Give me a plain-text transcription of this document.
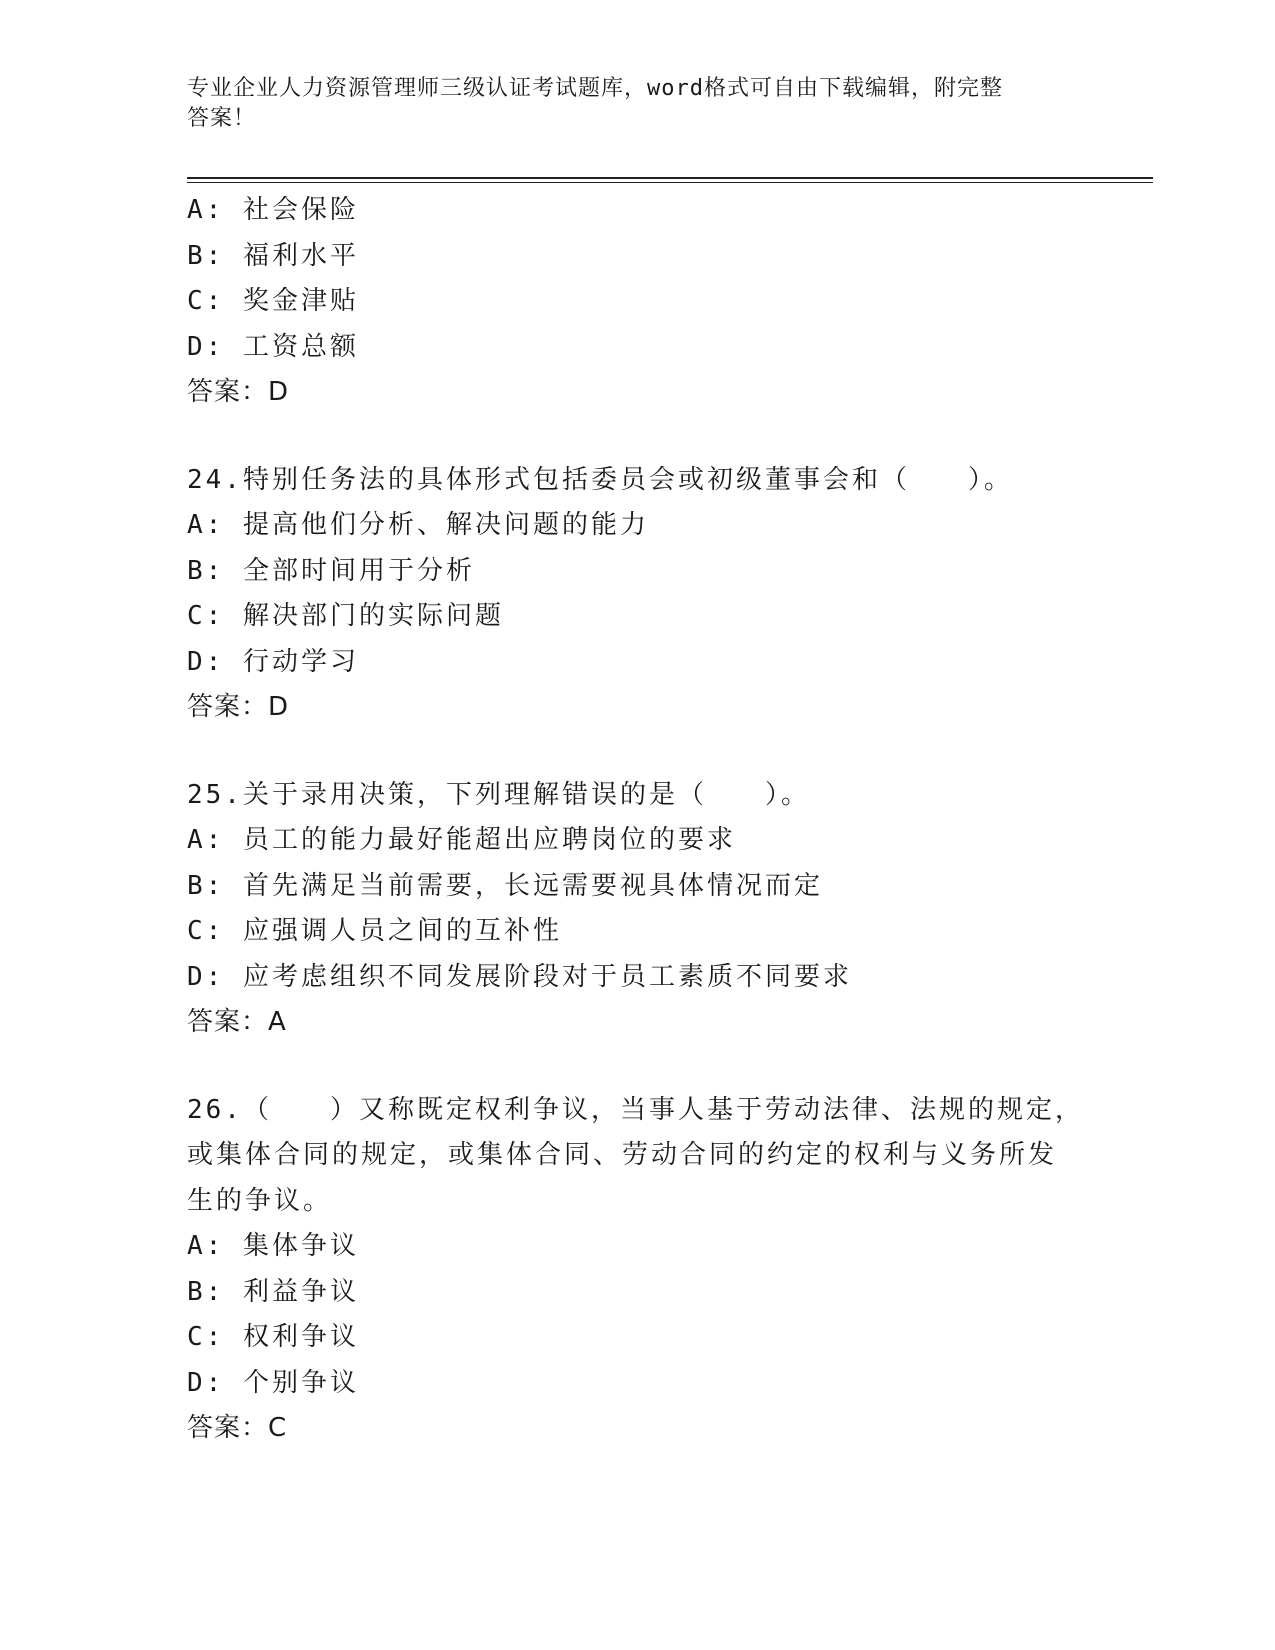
专业企业人力资源管理师三级认证考试题库，word格式可自由下载编辑，附完整
答案！
A: 社会保险
B: 福利水平
C: 奖金津贴
D: 工资总额
答案：D
24.特别任务法的具体形式包括委员会或初级董事会和（　　）。
A: 提高他们分析、解决问题的能力
B: 全部时间用于分析
C: 解决部门的实际问题
D: 行动学习
答案：D
25.关于录用决策，下列理解错误的是（　　）。
A: 员工的能力最好能超出应聘岗位的要求
B: 首先满足当前需要，长远需要视具体情况而定
C: 应强调人员之间的互补性
D: 应考虑组织不同发展阶段对于员工素质不同要求
答案：A
26.（　　）又称既定权利争议，当事人基于劳动法律、法规的规定，
或集体合同的规定，或集体合同、劳动合同的约定的权利与义务所发
生的争议。
A: 集体争议
B: 利益争议
C: 权利争议
D: 个别争议
答案：C
